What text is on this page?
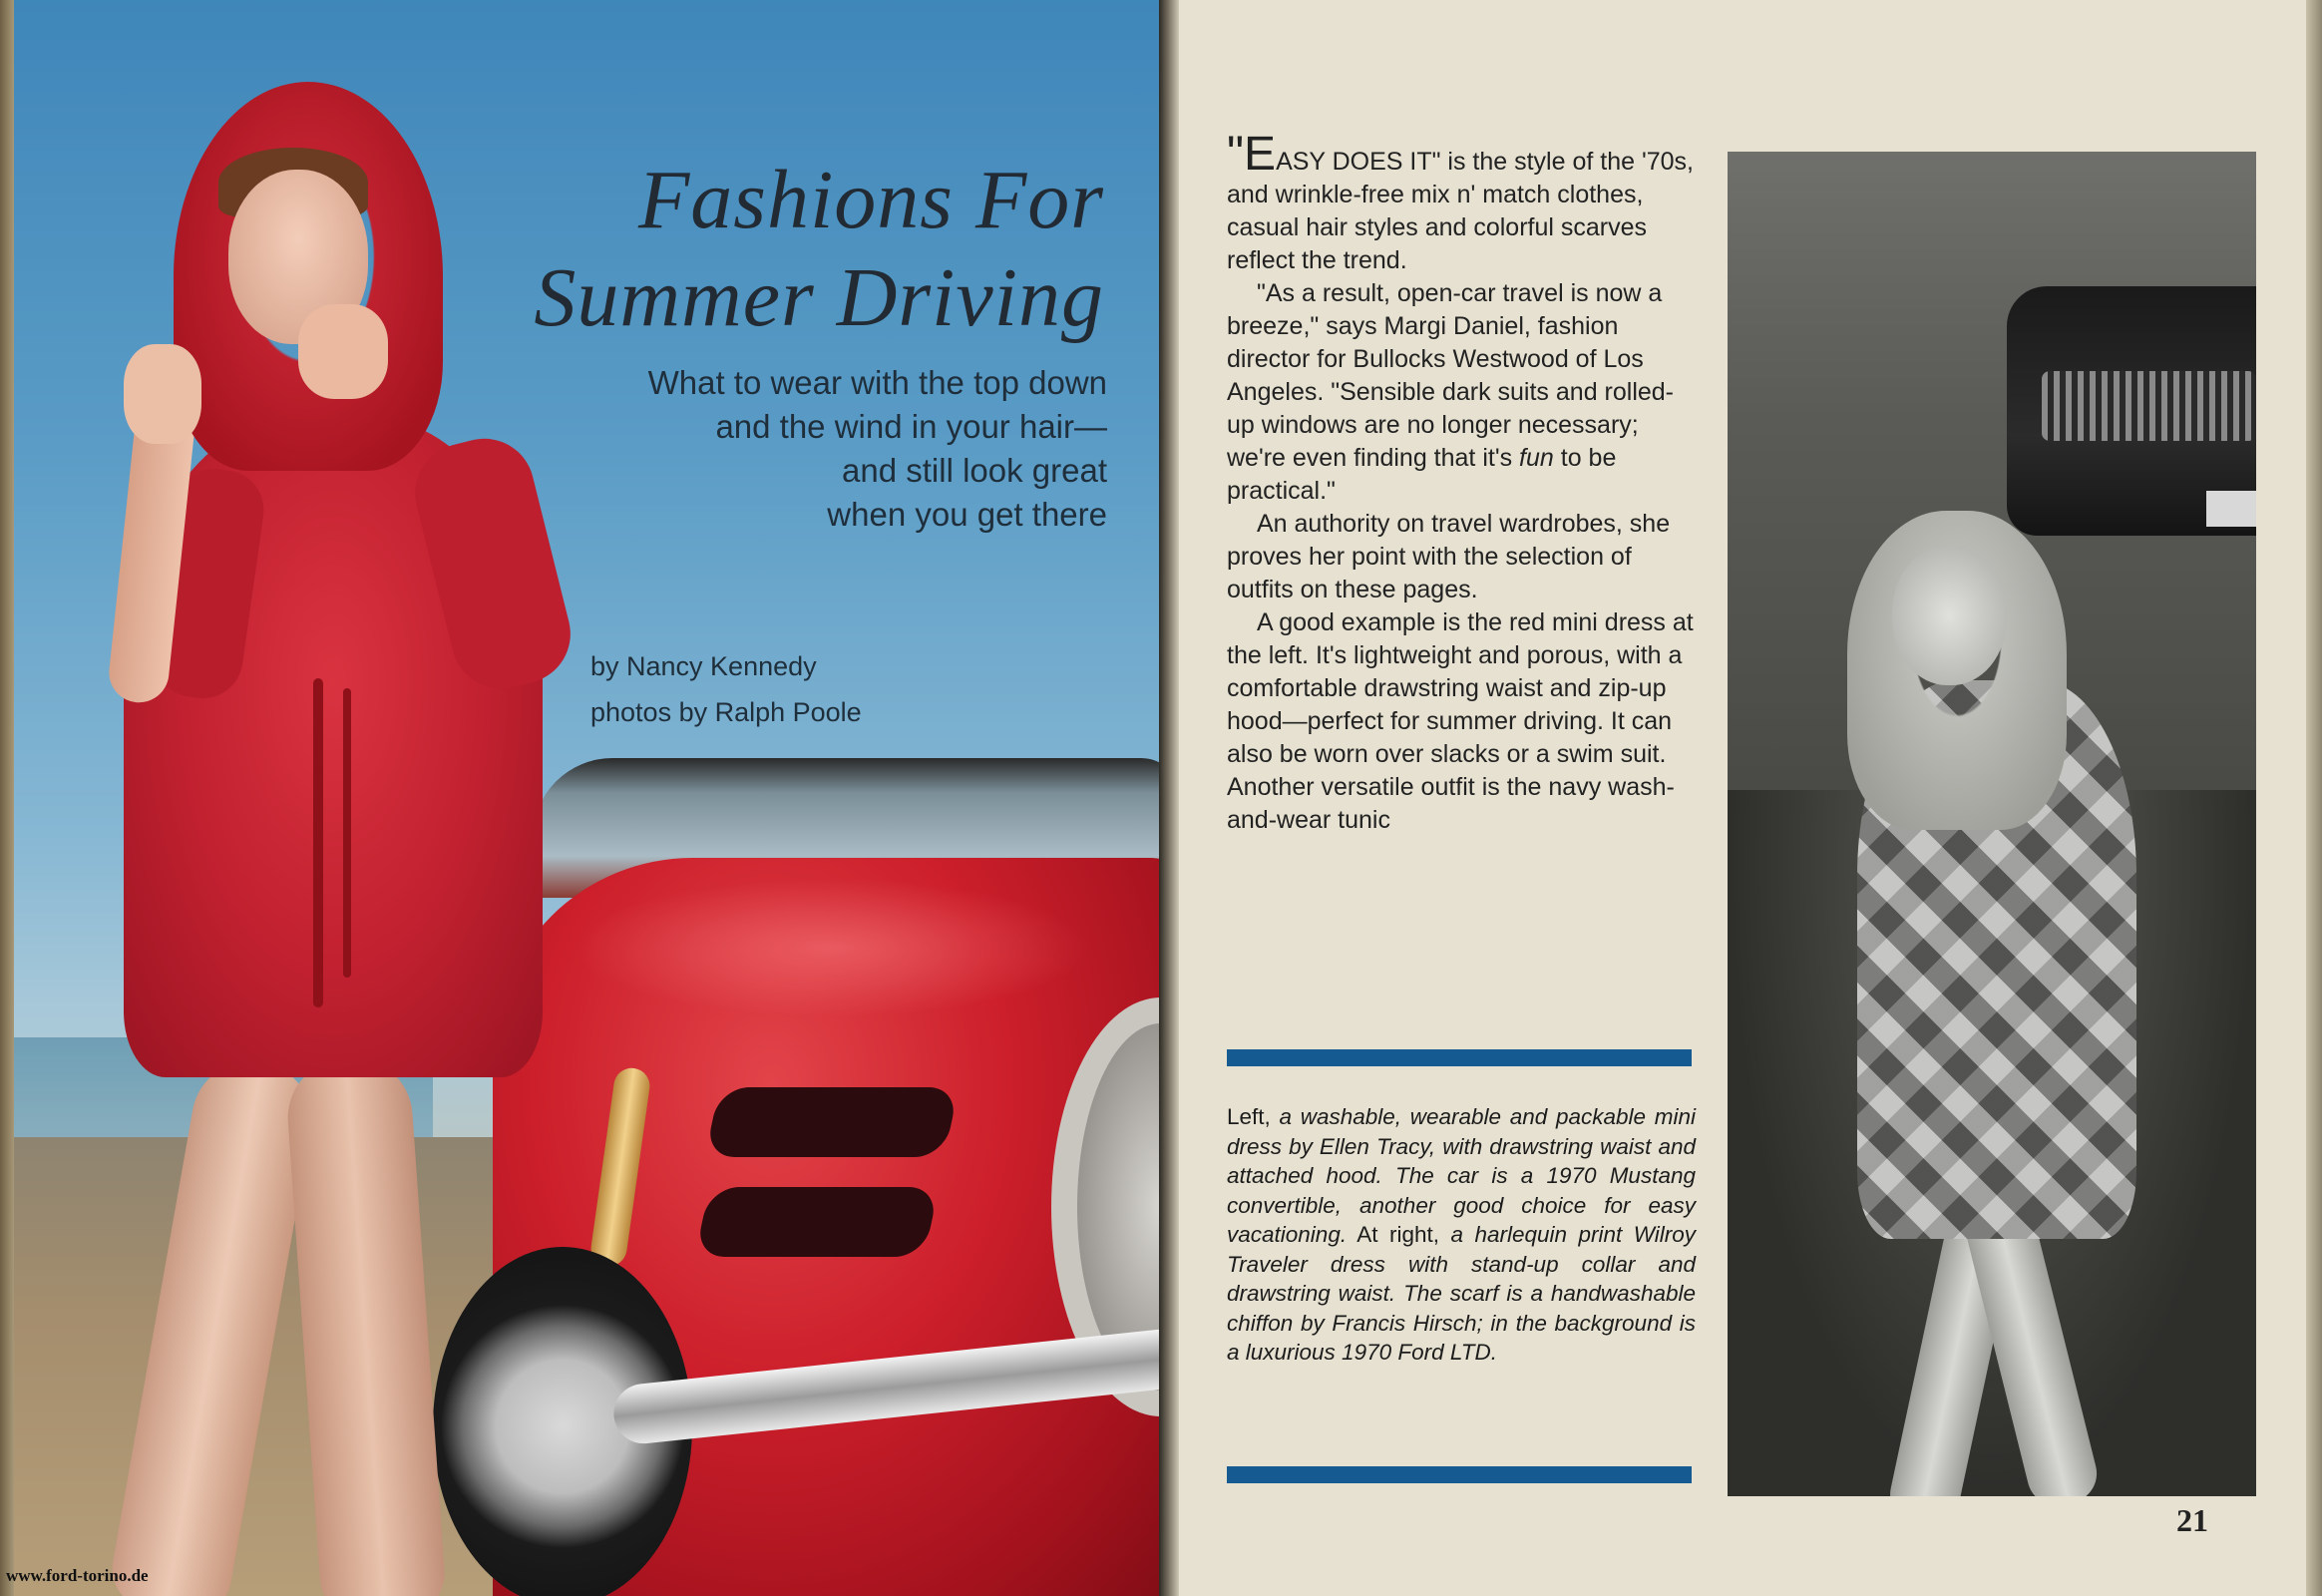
Fashions For
Summer Driving
What to wear with the top down
and the wind in your hair—
and still look great
when you get there
by Nancy Kennedy
photos by Ralph Poole
www.ford-torino.de

"EASY DOES IT" is the style of the '70s, and wrinkle-free mix n' match clothes, casual hair styles and colorful scarves reflect the trend.

"As a result, open-car travel is now a breeze," says Margi Daniel, fashion director for Bullocks Westwood of Los Angeles. "Sensible dark suits and rolled-up windows are no longer necessary; we're even finding that it's fun to be practical."

An authority on travel wardrobes, she proves her point with the selection of outfits on these pages.

A good example is the red mini dress at the left. It's lightweight and porous, with a comfortable drawstring waist and zip-up hood—perfect for summer driving. It can also be worn over slacks or a swim suit. Another versatile outfit is the navy wash-and-wear tunic

Left, a washable, wearable and packable mini dress by Ellen Tracy, with drawstring waist and attached hood. The car is a 1970 Mustang convertible, another good choice for easy vacationing. At right, a harlequin print Wilroy Traveler dress with stand-up collar and drawstring waist. The scarf is a handwashable chiffon by Francis Hirsch; in the background is a luxurious 1970 Ford LTD.
21
